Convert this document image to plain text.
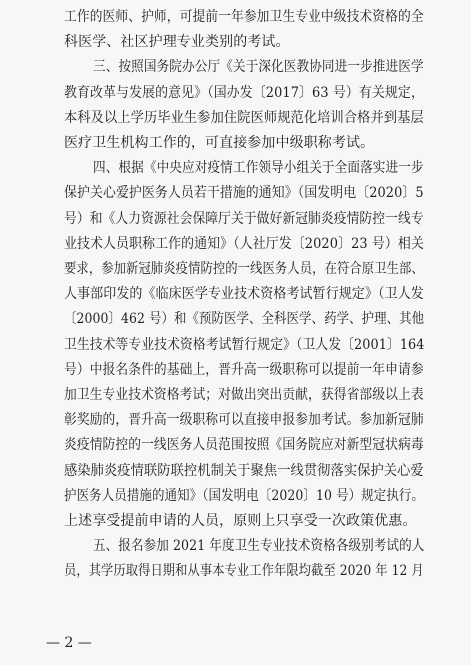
工作的医师、护师，可提前一年参加卫生专业中级技术资格的全
科医学、社区护理专业类别的考试。
三、按照国务院办公厅《关于深化医教协同进一步推进医学
教育改革与发展的意见》（国办发〔2017〕63 号）有关规定，
本科及以上学历毕业生参加住院医师规范化培训合格并到基层
医疗卫生机构工作的，可直接参加中级职称考试。
四、根据《中央应对疫情工作领导小组关于全面落实进一步
保护关心爱护医务人员若干措施的通知》（国发明电〔2020〕5
号）和《人力资源社会保障厅关于做好新冠肺炎疫情防控一线专
业技术人员职称工作的通知》（人社厅发〔2020〕23 号）相关
要求，参加新冠肺炎疫情防控的一线医务人员，在符合原卫生部、
人事部印发的《临床医学专业技术资格考试暂行规定》（卫人发
〔2000〕462 号）和《预防医学、全科医学、药学、护理、其他
卫生技术等专业技术资格考试暂行规定》（卫人发〔2001〕164
号）中报名条件的基础上，晋升高一级职称可以提前一年申请参
加卫生专业技术资格考试；对做出突出贡献，获得省部级以上表
彰奖励的，晋升高一级职称可以直接申报参加考试。参加新冠肺
炎疫情防控的一线医务人员范围按照《国务院应对新型冠状病毒
感染肺炎疫情联防联控机制关于聚焦一线贯彻落实保护关心爱
护医务人员措施的通知》（国发明电〔2020〕10 号）规定执行。
上述享受提前申请的人员，原则上只享受一次政策优惠。
五、报名参加 2021 年度卫生专业技术资格各级别考试的人
员，其学历取得日期和从事本专业工作年限均截至 2020 年 12 月
— 2 —
